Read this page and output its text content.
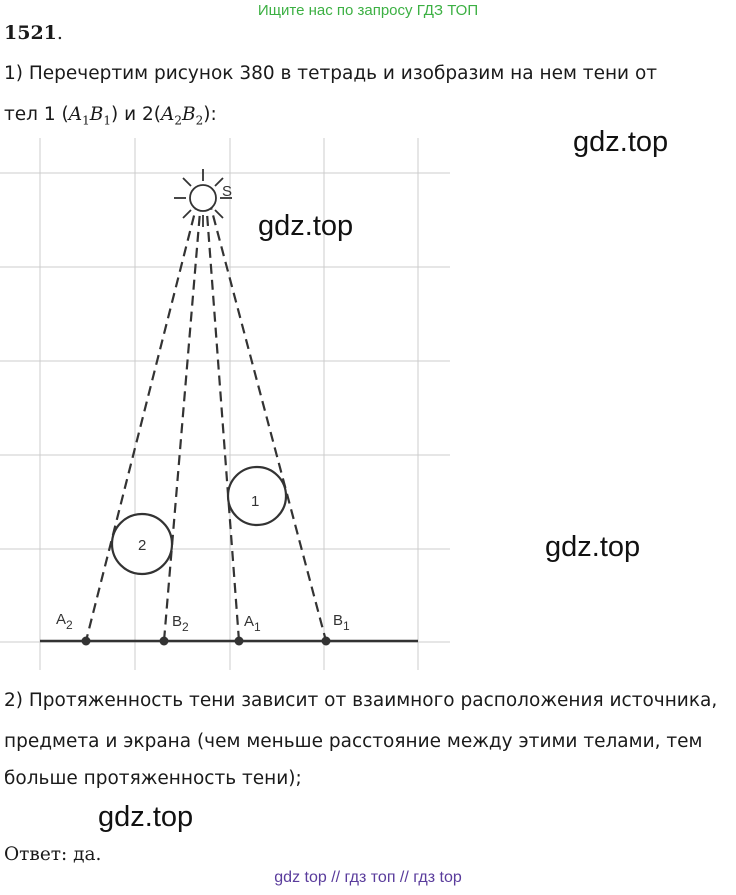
Ищите нас по запросу ГДЗ ТОП
1521.
1) Перечертим рисунок 380 в тетрадь и изобразим на нем тени от
тел 1 $(A_1B_1)$ и $2(A_2B_2)$:
S
2
1
$A_2$	$B_2$	$A_1$	$B_1$
gdz.top
gdz.top
gdz.top
2) Протяженность тени зависит от взаимного расположения источника,
предмета и экрана (чем меньше расстояние между этими телами, тем
больше протяженность тени);
gdz.top
Ответ: да.
gdz top // гдз топ // гдз top
